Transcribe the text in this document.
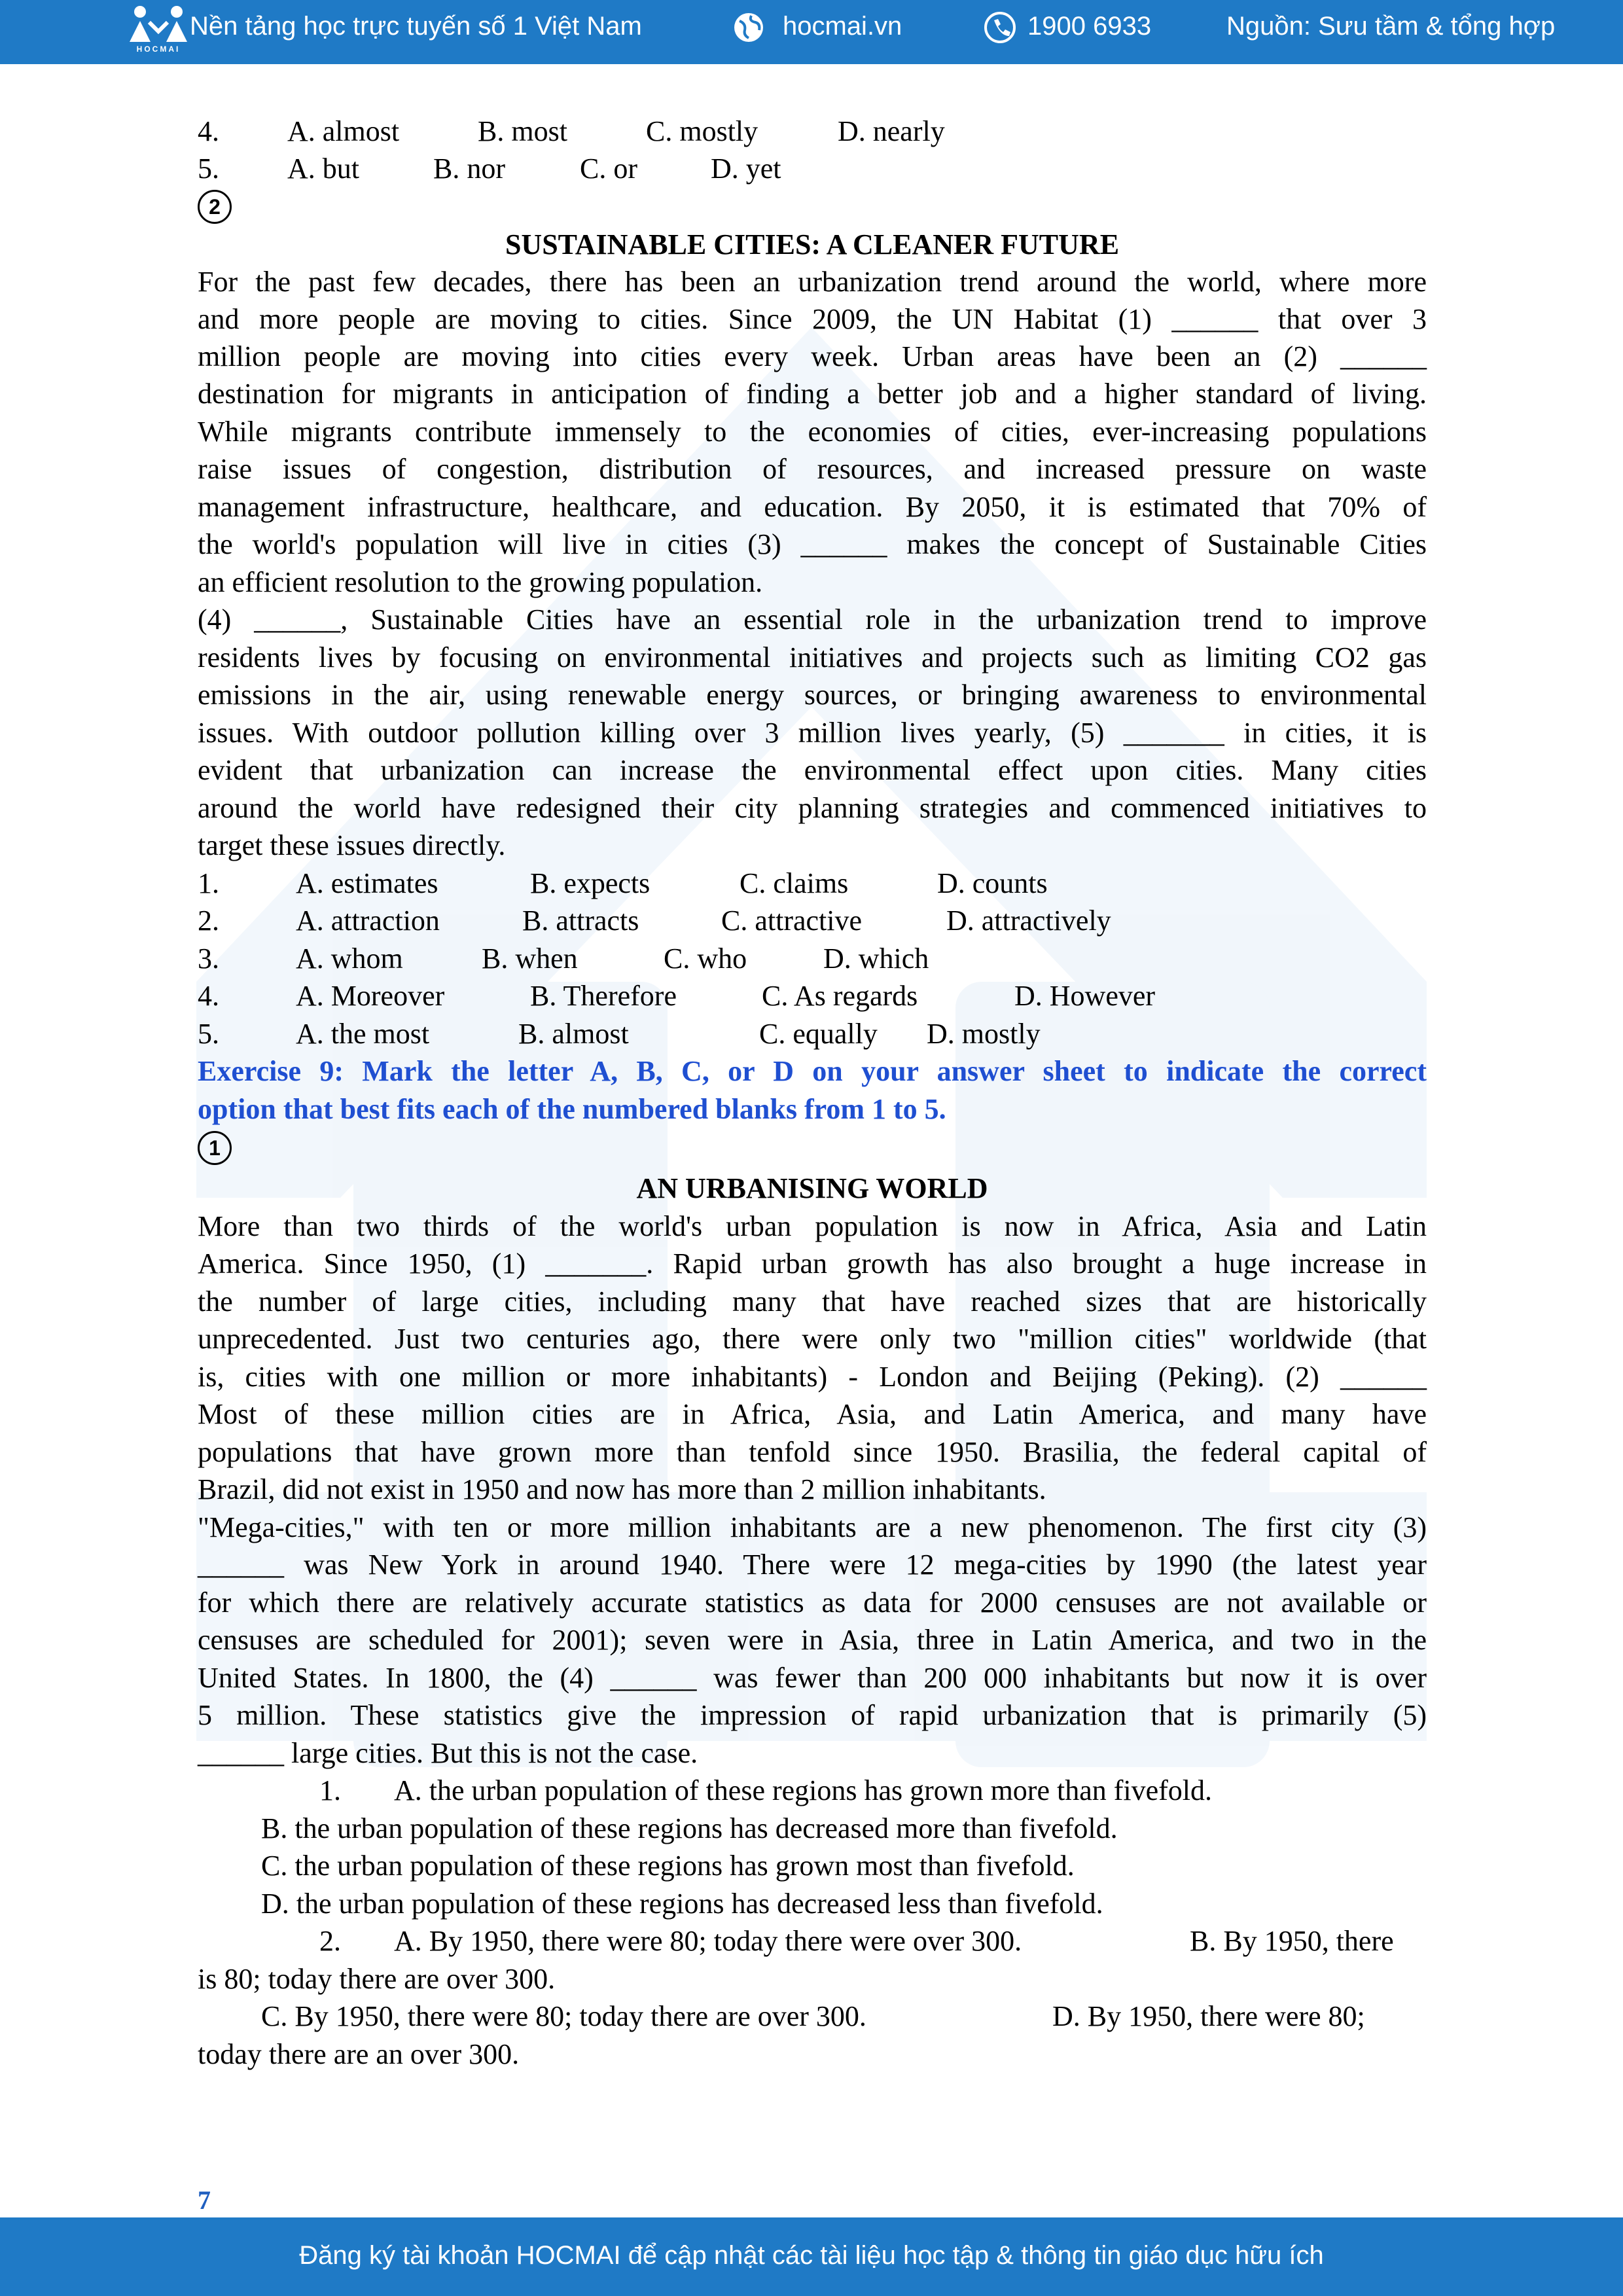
HOCMAI
Nền tảng học trực tuyến số 1 Việt Nam	hocmai.vn	1900 6933	Nguồn: Sưu tầm & tổng hợp
4. A. almost	B. most	C. mostly	D. nearly
5. A. but	B. nor	C. or	D. yet
2
SUSTAINABLE CITIES: A CLEANER FUTURE
For the past few decades, there has been an urbanization trend around the world, where more
and more people are moving to cities. Since 2009, the UN Habitat (1) ______ that over 3
million people are moving into cities every week. Urban areas have been an (2) ______
destination for migrants in anticipation of finding a better job and a higher standard of living.
While migrants contribute immensely to the economies of cities, ever-increasing populations
raise issues of congestion, distribution of resources, and increased pressure on waste
management infrastructure, healthcare, and education. By 2050, it is estimated that 70% of
the world's population will live in cities (3) ______ makes the concept of Sustainable Cities
an efficient resolution to the growing population.
(4) ______, Sustainable Cities have an essential role in the urbanization trend to improve
residents lives by focusing on environmental initiatives and projects such as limiting CO2 gas
emissions in the air, using renewable energy sources, or bringing awareness to environmental
issues. With outdoor pollution killing over 3 million lives yearly, (5) _______ in cities, it is
evident that urbanization can increase the environmental effect upon cities. Many cities
around the world have redesigned their city planning strategies and commenced initiatives to
target these issues directly.
1.	A. estimates	B. expects	C. claims	D. counts
2.	A. attraction	B. attracts	C. attractive	D. attractively
3.	A. whom	B. when	C. who	D. which
4.	A. Moreover	B. Therefore	C. As regards	D. However
5.	A. the most	B. almost	C. equally D. mostly
Exercise 9: Mark the letter A, B, C, or D on your answer sheet to indicate the correct
option that best fits each of the numbered blanks from 1 to 5.
1
AN URBANISING WORLD
More than two thirds of the world's urban population is now in Africa, Asia and Latin
America. Since 1950, (1) _______. Rapid urban growth has also brought a huge increase in
the number of large cities, including many that have reached sizes that are historically
unprecedented. Just two centuries ago, there were only two "million cities" worldwide (that
is, cities with one million or more inhabitants) - London and Beijing (Peking). (2) ______
Most of these million cities are in Africa, Asia, and Latin America, and many have
populations that have grown more than tenfold since 1950. Brasilia, the federal capital of
Brazil, did not exist in 1950 and now has more than 2 million inhabitants.
"Mega-cities," with ten or more million inhabitants are a new phenomenon. The first city (3)
______ was New York in around 1940. There were 12 mega-cities by 1990 (the latest year
for which there are relatively accurate statistics as data for 2000 censuses are not available or
censuses are scheduled for 2001); seven were in Asia, three in Latin America, and two in the
United States. In 1800, the (4) ______ was fewer than 200 000 inhabitants but now it is over
5 million. These statistics give the impression of rapid urbanization that is primarily (5)
______ large cities. But this is not the case.
1. A. the urban population of these regions has grown more than fivefold.
B. the urban population of these regions has decreased more than fivefold.
C. the urban population of these regions has grown most than fivefold.
D. the urban population of these regions has decreased less than fivefold.
2. A. By 1950, there were 80; today there were over 300.	B. By 1950, there
is 80; today there are over 300.
C. By 1950, there were 80; today there are over 300.	D. By 1950, there were 80;
today there are an over 300.
7
Đăng ký tài khoản HOCMAI để cập nhật các tài liệu học tập & thông tin giáo dục hữu ích
